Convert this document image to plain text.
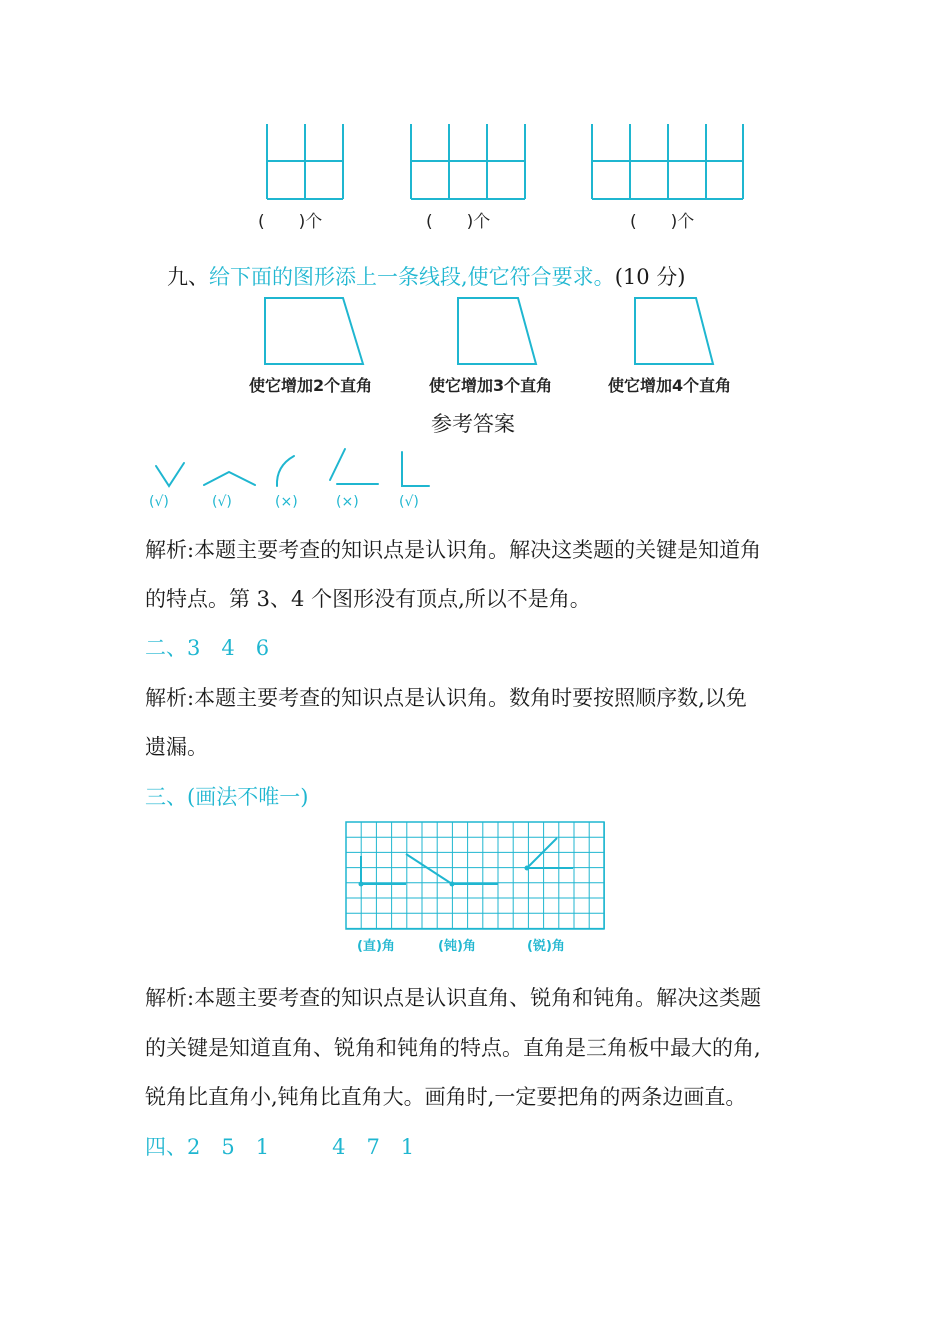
(　　)个	(　　)个	(　　)个
九、给下面的图形添上一条线段,使它符合要求。(10 分)
使它增加2个直角	使它增加3个直角	使它增加4个直角
参考答案
(√)	(√)	(×)	(×)	(√)
解析:本题主要考查的知识点是认识角。解决这类题的关键是知道角
的特点。第 3、4 个图形没有顶点,所以不是角。
二、3　4　6
解析:本题主要考查的知识点是认识角。数角时要按照顺序数,以免
遗漏。
三、(画法不唯一)
(直)角	(钝)角	(锐)角
解析:本题主要考查的知识点是认识直角、锐角和钝角。解决这类题
的关键是知道直角、锐角和钝角的特点。直角是三角板中最大的角,
锐角比直角小,钝角比直角大。画角时,一定要把角的两条边画直。
四、2　5　1　　　4　7　1
